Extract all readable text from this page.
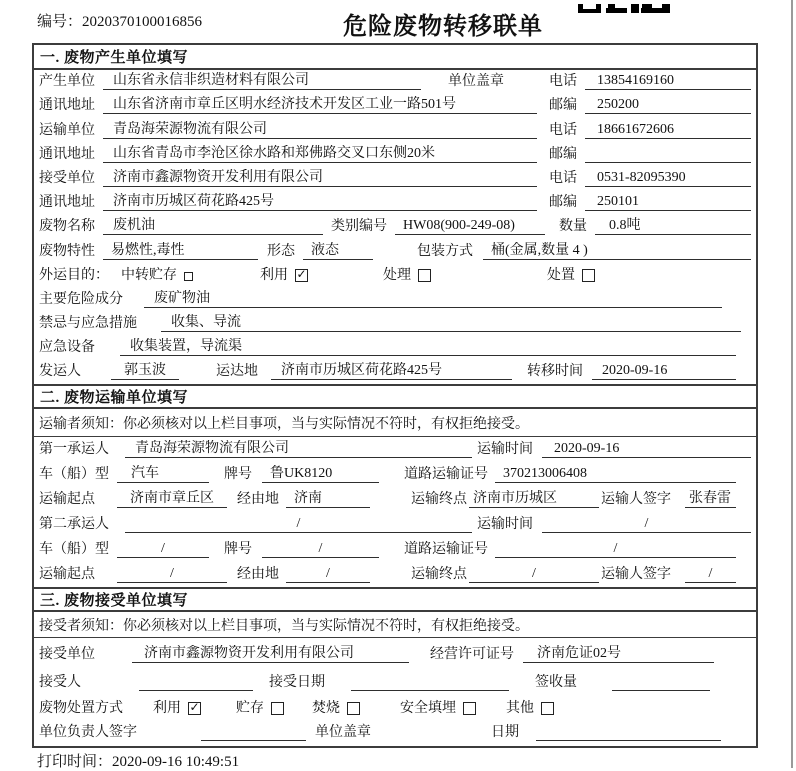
编号：2020370100016856	危险废物转移联单
一. 废物产生单位填写
产生单位	山东省永信非织造材料有限公司	单位盖章	电话	13854169160
通讯地址	山东省济南市章丘区明水经济技术开发区工业一路501号	邮编	250200
运输单位	青岛海荣源物流有限公司	电话	18661672606
通讯地址	山东省青岛市李沧区徐水路和郑佛路交叉口东侧20米	邮编
接受单位	济南市鑫源物资开发利用有限公司	电话	0531-82095390
通讯地址	济南市历城区荷花路425号	邮编	250101
废物名称	废机油	类别编号	HW08(900-249-08)	数量	0.8吨
废物特性	易燃性,毒性	形态	液态	包装方式	桶(金属,数量 4 )
外运目的： 中转贮存	利用 ✓	处理	处置
主要危险成分	废矿物油
禁忌与应急措施	收集、导流
应急设备	收集装置，导流渠
发运人	郭玉波	运达地	济南市历城区荷花路425号	转移时间	2020-09-16
二. 废物运输单位填写
运输者须知： 你必须核对以上栏目事项，当与实际情况不符时，有权拒绝接受。
第一承运人	青岛海荣源物流有限公司	运输时间	2020-09-16
车（船）型	汽车	牌号	鲁UK8120	道路运输证号	370213006408
运输起点	济南市章丘区	经由地	济南	运输终点 济南市历城区	运输人签字 张春雷
第二承运人	/	运输时间	/
车（船）型	/	牌号	/	道路运输证号	/
运输起点	/	经由地	/	运输终点	/	运输人签字	/
三. 废物接受单位填写
接受者须知： 你必须核对以上栏目事项，当与实际情况不符时，有权拒绝接受。
接受单位	济南市鑫源物资开发利用有限公司	经营许可证号	济南危证02号
接受人	接受日期	签收量
废物处置方式 利用 ✓	贮存	焚烧	安全填埋	其他
单位负责人签字	单位盖章	日期
打印时间：2020-09-16 10:49:51
